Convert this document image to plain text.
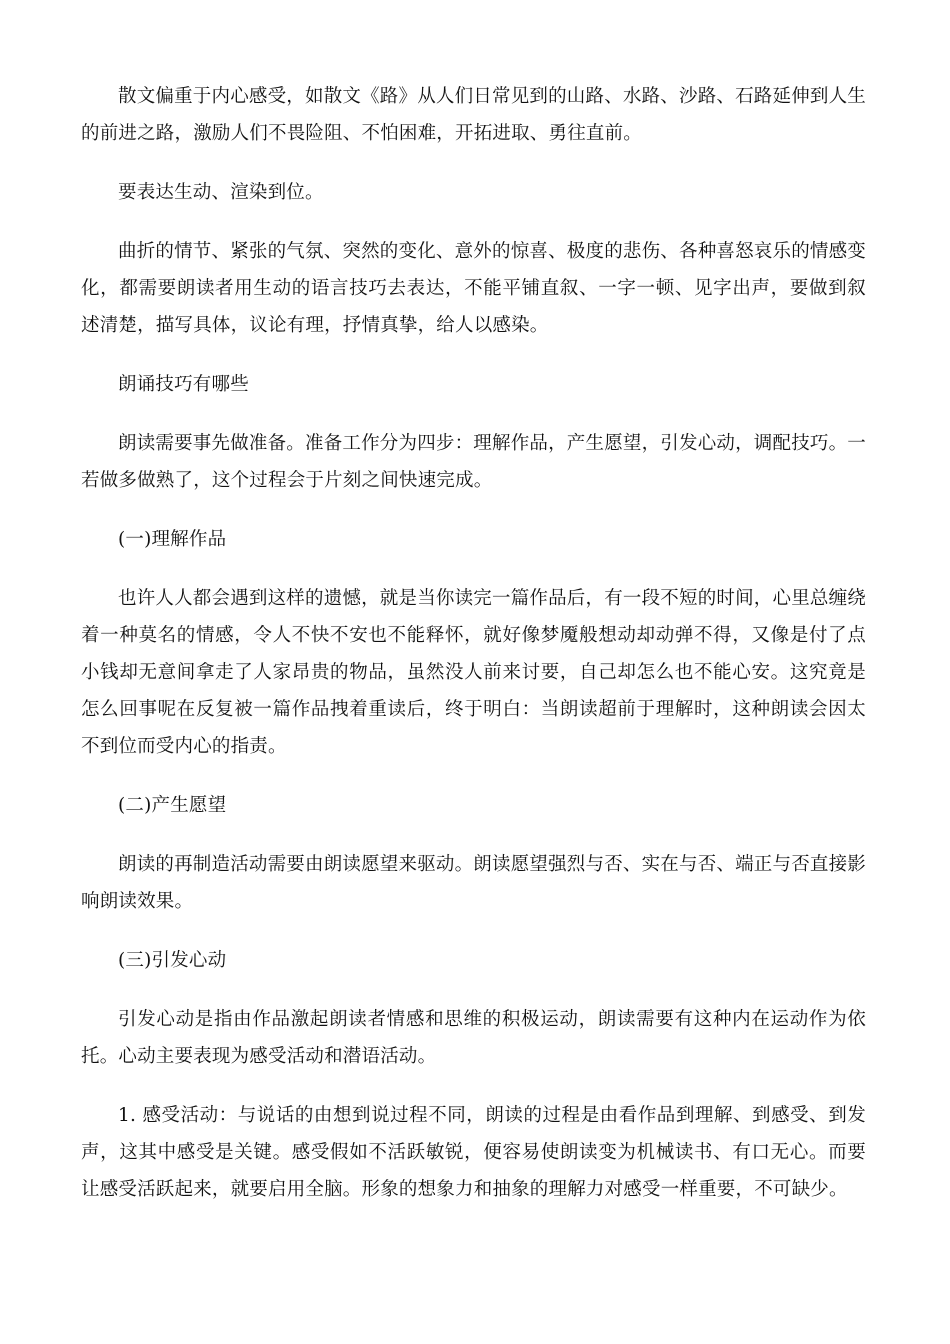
散文偏重于内心感受，如散文《路》从人们日常见到的山路、水路、沙路、石路延伸到人生的前进之路，激励人们不畏险阻、不怕困难，开拓进取、勇往直前。

要表达生动、渲染到位。

曲折的情节、紧张的气氛、突然的变化、意外的惊喜、极度的悲伤、各种喜怒哀乐的情感变化，都需要朗读者用生动的语言技巧去表达，不能平铺直叙、一字一顿、见字出声，要做到叙述清楚，描写具体，议论有理，抒情真挚，给人以感染。

朗诵技巧有哪些

朗读需要事先做准备。准备工作分为四步：理解作品，产生愿望，引发心动，调配技巧。一若做多做熟了，这个过程会于片刻之间快速完成。

(一)理解作品

也许人人都会遇到这样的遗憾，就是当你读完一篇作品后，有一段不短的时间，心里总缠绕着一种莫名的情感，令人不快不安也不能释怀，就好像梦魇般想动却动弹不得，又像是付了点小钱却无意间拿走了人家昂贵的物品，虽然没人前来讨要，自己却怎么也不能心安。这究竟是怎么回事呢在反复被一篇作品拽着重读后，终于明白：当朗读超前于理解时，这种朗读会因太不到位而受内心的指责。

(二)产生愿望

朗读的再制造活动需要由朗读愿望来驱动。朗读愿望强烈与否、实在与否、端正与否直接影响朗读效果。

(三)引发心动

引发心动是指由作品激起朗读者情感和思维的积极运动，朗读需要有这种内在运动作为依托。心动主要表现为感受活动和潜语活动。

1. 感受活动：与说话的由想到说过程不同，朗读的过程是由看作品到理解、到感受、到发声，这其中感受是关键。感受假如不活跃敏锐，便容易使朗读变为机械读书、有口无心。而要让感受活跃起来，就要启用全脑。形象的想象力和抽象的理解力对感受一样重要，不可缺少。
